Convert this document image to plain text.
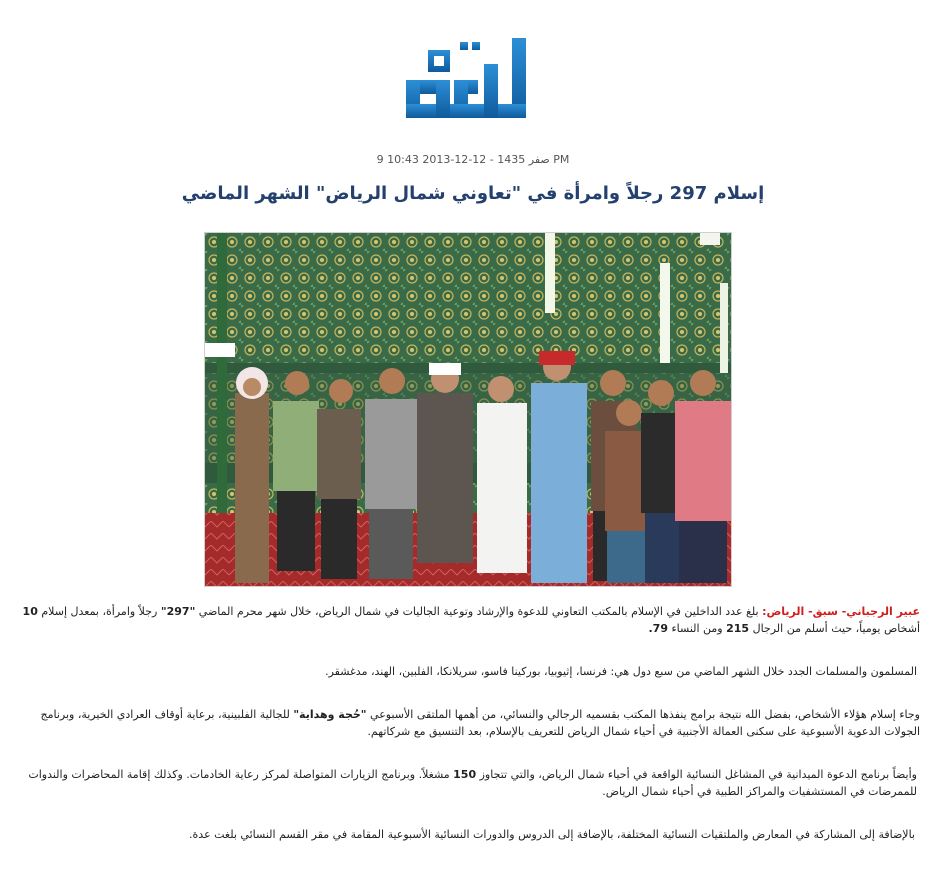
9 صفر 1435 - 12-12-2013 10:43 PM
إسلام 297 رجلاً وامرأة في "تعاوني شمال الرياض" الشهر الماضي

عبير الرجباني- سبق- الرياض: بلغ عدد الداخلين في الإسلام بالمكتب التعاوني للدعوة والإرشاد وتوعية الجاليات في شمال الرياض، خلال شهر محرم الماضي "297" رجلاً وامرأة، بمعدل إسلام 10 أشخاص يومياً، حيث أسلم من الرجال 215 ومن النساء 79.

المسلمون والمسلمات الجدد خلال الشهر الماضي من سبع دول هي: فرنسا، إثيوبيا، بوركينا فاسو، سريلانكا، الفلبين، الهند، مدغشقر.

وجاء إسلام هؤلاء الأشخاص، بفضل الله نتيجة برامج ينفذها المكتب بقسميه الرجالي والنسائي، من أهمها الملتقى الأسبوعي "حُجة وهداية" للجالية الفلبينية، برعاية أوقاف العرادي الخيرية، وبرنامج الجولات الدعوية الأسبوعية على سكنى العمالة الأجنبية في أحياء شمال الرياض للتعريف بالإسلام، بعد التنسيق مع شركاتهم.

وأيضاً برنامج الدعوة الميدانية في المشاغل النسائية الواقعة في أحياء شمال الرياض، والتي تتجاوز 150 مشغلاً. وبرنامج الزيارات المتواصلة لمركز رعاية الخادمات. وكذلك إقامة المحاضرات والندوات للممرضات في المستشفيات والمراكز الطبية في أحياء شمال الرياض.

بالإضافة إلى المشاركة في المعارض والملتقيات النسائية المختلفة، بالإضافة إلى الدروس والدورات النسائية الأسبوعية المقامة في مقر القسم النسائي بلغت عدة.
